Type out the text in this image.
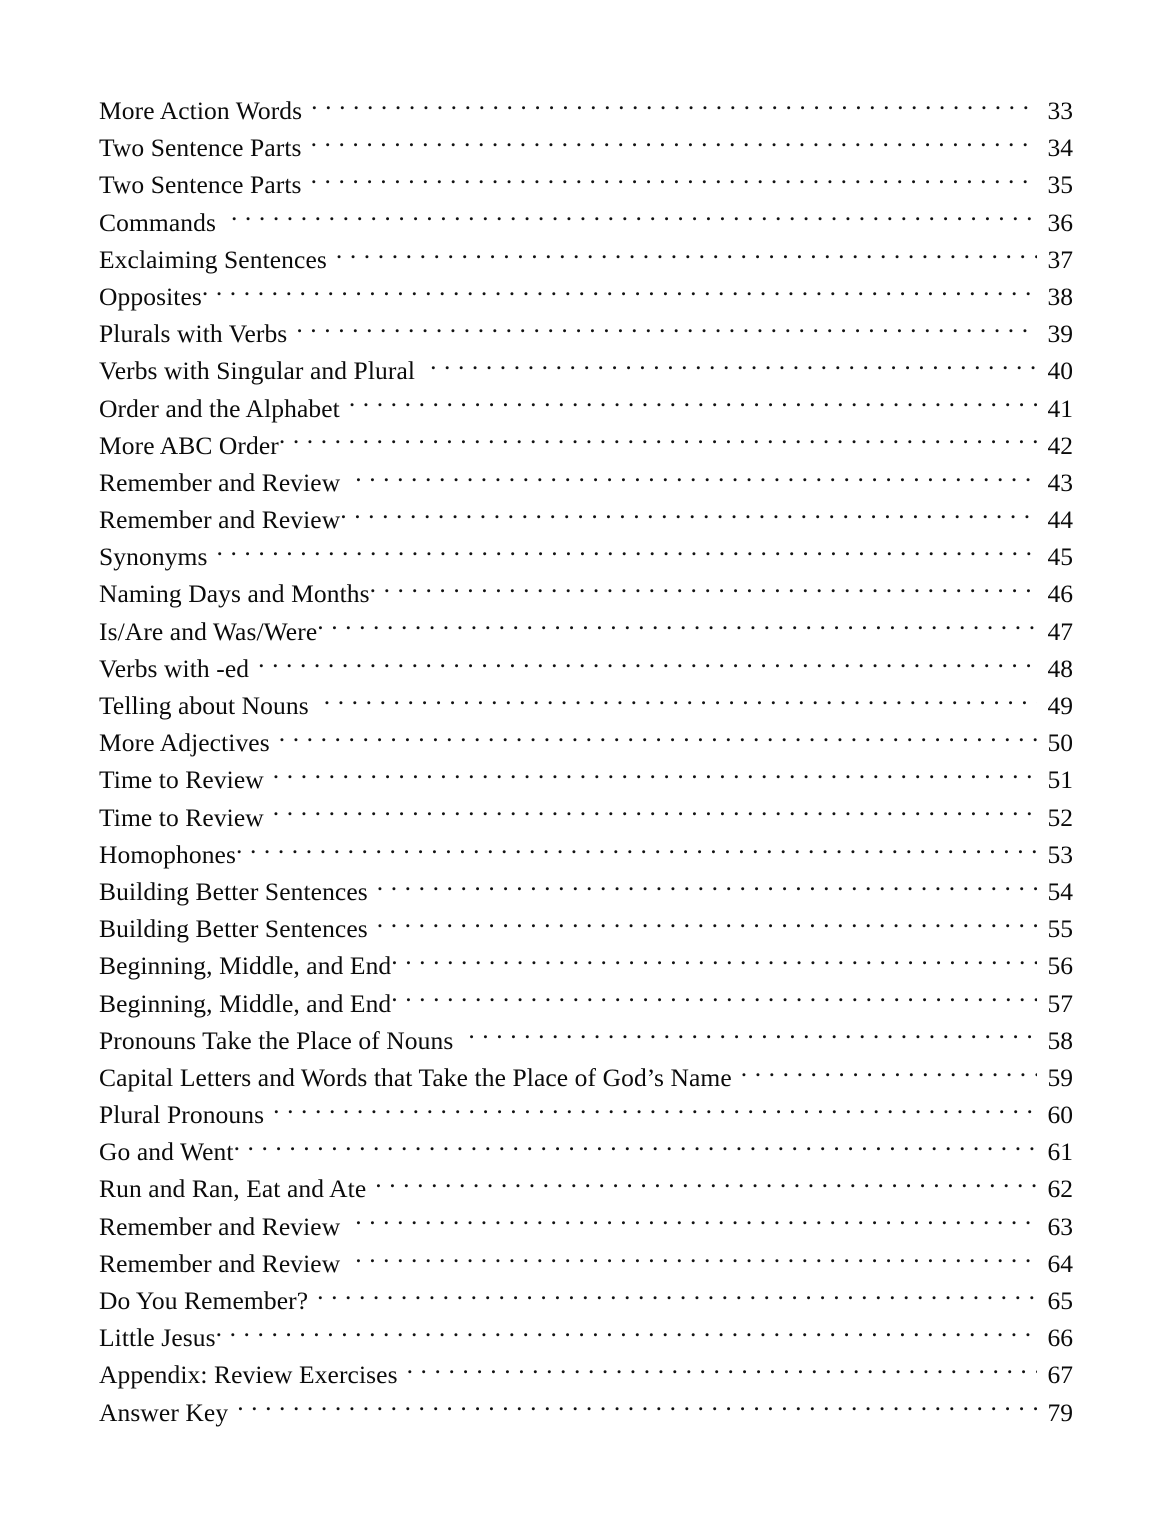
More Action Words . . .	33
Two Sentence Parts . . .	34
Two Sentence Parts . . .	35
Commands . . .	36
Exclaiming Sentences . . .	37
Opposites . . .	38
Plurals with Verbs . . .	39
Verbs with Singular and Plural . . .	40
Order and the Alphabet . . .	41
More ABC Order . . .	42
Remember and Review . . .	43
Remember and Review . . .	44
Synonyms . . .	45
Naming Days and Months . . .	46
Is/Are and Was/Were . . .	47
Verbs with -ed . . .	48
Telling about Nouns . . .	49
More Adjectives . . .	50
Time to Review . . .	51
Time to Review . . .	52
Homophones . . .	53
Building Better Sentences . . .	54
Building Better Sentences . . .	55
Beginning, Middle, and End . . .	56
Beginning, Middle, and End . . .	57
Pronouns Take the Place of Nouns . . .	58
Capital Letters and Words that Take the Place of God’s Name . . .	59
Plural Pronouns . . .	60
Go and Went . . .	61
Run and Ran, Eat and Ate . . .	62
Remember and Review . . .	63
Remember and Review . . .	64
Do You Remember? . . .	65
Little Jesus . . .	66
Appendix: Review Exercises . . .	67
Answer Key . . .	79
